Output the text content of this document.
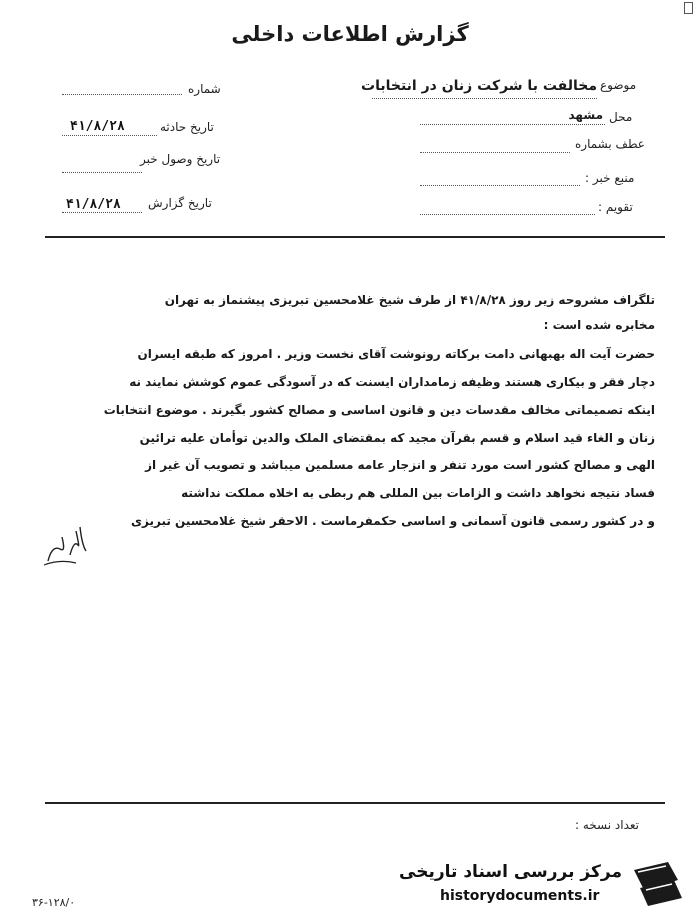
گزارش اطلاعات داخلی
شماره
۴۱/۸/۲۸	تاریخ حادثه
تاریخ وصول خبر
۴۱/۸/۲۸ تاریخ گزارش
موضوع
مخالفت با شرکت زنان در انتخابات
محل
مشهد
عطف بشماره
منبع خبر :
تقویم :
تلگراف مشروحه زیر روز ۴۱/۸/۲۸ از طرف شیخ غلامحسین تبریزی پیشنماز به تهران
مخابره شده است :
حضرت آیت اله بهبهانی دامت برکاته رونوشت آقای نخست وزیر . امروز که طبقه ایسران
دچار فقر و بیکاری هستند وظیفه زمامداران ایسنت که در آسودگی عموم کوشش نمایند نه
اینکه تصمیماتی مخالف مقدسات دین و قانون اساسی و مصالح کشور بگیرند . موضوع انتخابات
زنان و الغاء قید اسلام و قسم بقرآن مجید که بمقتضای الملک والدین توأمان علیه ترائین
الهی و مصالح کشور است مورد تنفر و انزجار عامه مسلمین میباشد و تصویب آن غیر از
فساد نتیجه نخواهد داشت و الزامات بین المللی هم ربطی به اخلاه مملکت نداشته
و در کشور رسمی قانون آسمانی و اساسی حکمفرماست . الاحقر شیخ غلامحسین تبریزی
تعداد نسخه :
مرکز بررسی اسناد تاریخی
historydocuments.ir
۳۶-۱۲۸/۰
